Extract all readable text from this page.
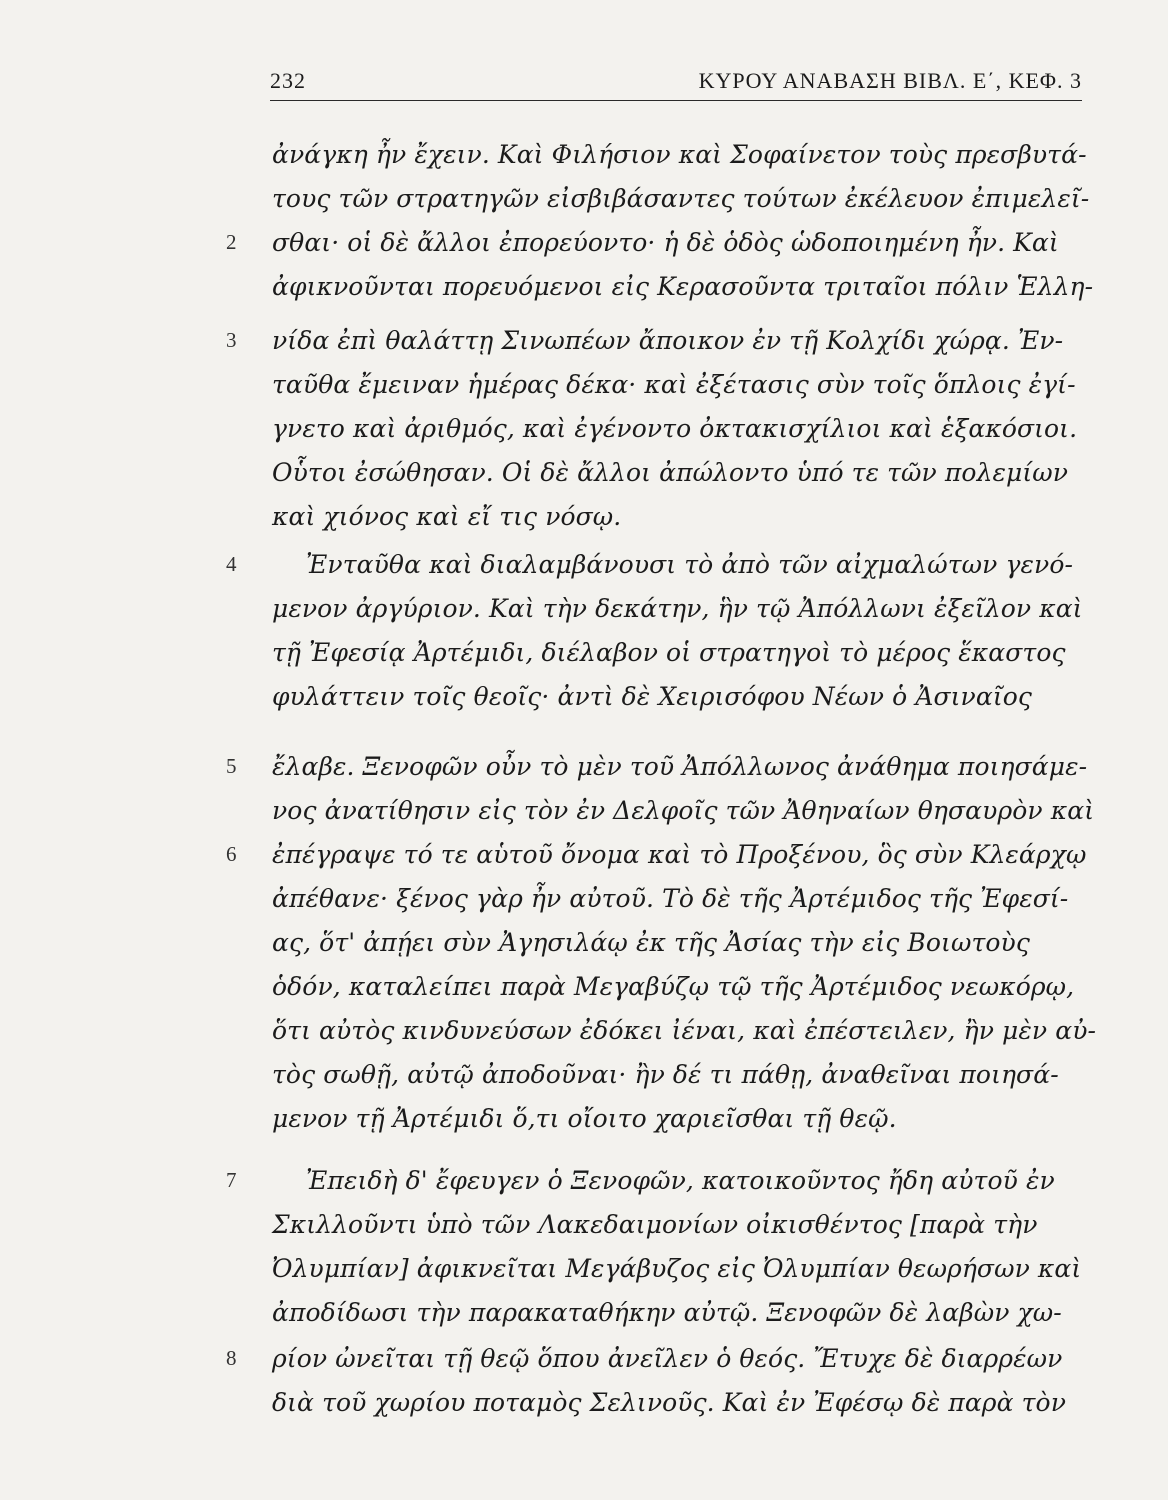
232	ΚΥΡΟΥ ΑΝΑΒΑΣΗ ΒΙΒΛ. Ε΄, ΚΕΦ. 3
2
3
4
5
6
7
8
ἀνάγκη ἦν ἔχειν. Καὶ Φιλήσιον καὶ Σοφαίνετον τοὺς πρεσβυτά-
τους τῶν στρατηγῶν εἰσβιβάσαντες τούτων ἐκέλευον ἐπιμελεῖ-
σθαι· οἱ δὲ ἄλλοι ἐπορεύοντο· ἡ δὲ ὁδὸς ὡδοποιημένη ἦν. Καὶ
ἀφικνοῦνται πορευόμενοι εἰς Κερασοῦντα τριταῖοι πόλιν Ἑλλη-
νίδα ἐπὶ θαλάττῃ Σινωπέων ἄποικον ἐν τῇ Κολχίδι χώρᾳ. Ἐν-
ταῦθα ἔμειναν ἡμέρας δέκα· καὶ ἐξέτασις σὺν τοῖς ὅπλοις ἐγί-
γνετο καὶ ἀριθμός, καὶ ἐγένοντο ὀκτακισχίλιοι καὶ ἑξακόσιοι.
Οὗτοι ἐσώθησαν. Οἱ δὲ ἄλλοι ἀπώλοντο ὑπό τε τῶν πολεμίων
καὶ χιόνος καὶ εἴ τις νόσῳ.
Ἐνταῦθα καὶ διαλαμβάνουσι τὸ ἀπὸ τῶν αἰχμαλώτων γενό-
μενον ἀργύριον. Καὶ τὴν δεκάτην, ἣν τῷ Ἀπόλλωνι ἐξεῖλον καὶ
τῇ Ἐφεσίᾳ Ἀρτέμιδι, διέλαβον οἱ στρατηγοὶ τὸ μέρος ἕκαστος
φυλάττειν τοῖς θεοῖς· ἀντὶ δὲ Χειρισόφου Νέων ὁ Ἀσιναῖος
ἔλαβε. Ξενοφῶν οὖν τὸ μὲν τοῦ Ἀπόλλωνος ἀνάθημα ποιησάμε-
νος ἀνατίθησιν εἰς τὸν ἐν Δελφοῖς τῶν Ἀθηναίων θησαυρὸν καὶ
ἐπέγραψε τό τε αὑτοῦ ὄνομα καὶ τὸ Προξένου, ὃς σὺν Κλεάρχῳ
ἀπέθανε· ξένος γὰρ ἦν αὐτοῦ. Τὸ δὲ τῆς Ἀρτέμιδος τῆς Ἐφεσί-
ας, ὅτ' ἀπῄει σὺν Ἀγησιλάῳ ἐκ τῆς Ἀσίας τὴν εἰς Βοιωτοὺς
ὁδόν, καταλείπει παρὰ Μεγαβύζῳ τῷ τῆς Ἀρτέμιδος νεωκόρῳ,
ὅτι αὐτὸς κινδυνεύσων ἐδόκει ἰέναι, καὶ ἐπέστειλεν, ἢν μὲν αὐ-
τὸς σωθῇ, αὐτῷ ἀποδοῦναι· ἢν δέ τι πάθῃ, ἀναθεῖναι ποιησά-
μενον τῇ Ἀρτέμιδι ὅ,τι οἴοιτο χαριεῖσθαι τῇ θεῷ.
Ἐπειδὴ δ' ἔφευγεν ὁ Ξενοφῶν, κατοικοῦντος ἤδη αὐτοῦ ἐν
Σκιλλοῦντι ὑπὸ τῶν Λακεδαιμονίων οἰκισθέντος [παρὰ τὴν
Ὀλυμπίαν] ἀφικνεῖται Μεγάβυζος εἰς Ὀλυμπίαν θεωρήσων καὶ
ἀποδίδωσι τὴν παρακαταθήκην αὐτῷ. Ξενοφῶν δὲ λαβὼν χω-
ρίον ὠνεῖται τῇ θεῷ ὅπου ἀνεῖλεν ὁ θεός. Ἔτυχε δὲ διαρρέων
διὰ τοῦ χωρίου ποταμὸς Σελινοῦς. Καὶ ἐν Ἐφέσῳ δὲ παρὰ τὸν
